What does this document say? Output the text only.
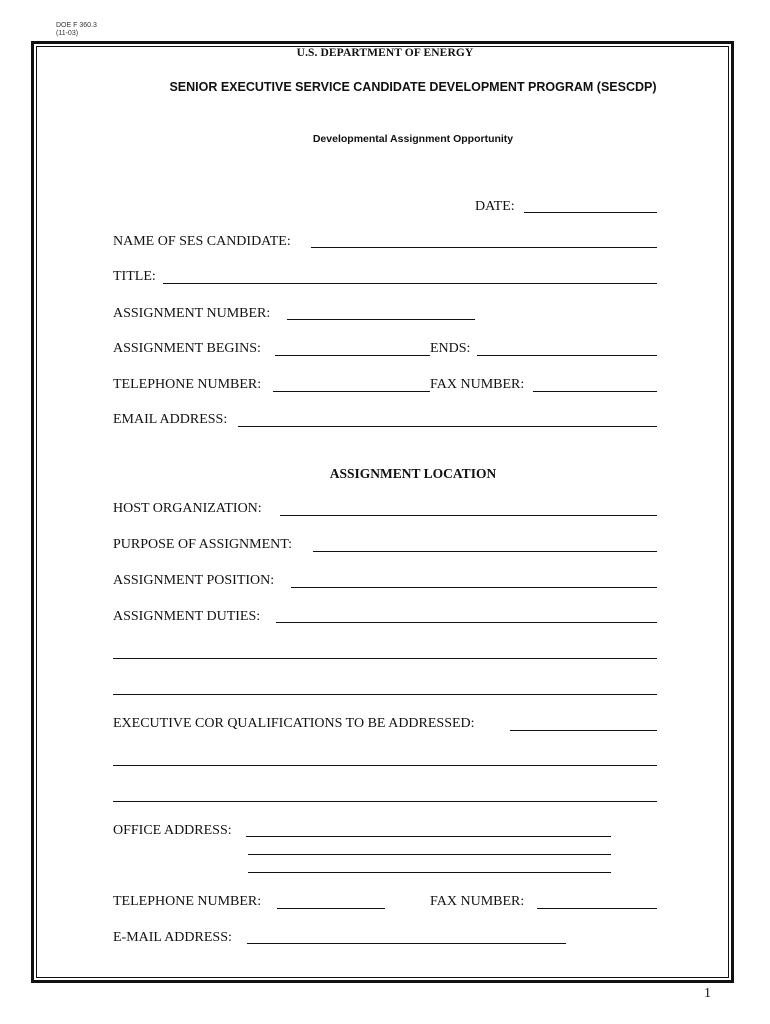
DOE F 360.3
(11-03)
U.S. DEPARTMENT OF ENERGY
SENIOR EXECUTIVE SERVICE CANDIDATE DEVELOPMENT PROGRAM (SESCDP)
Developmental Assignment Opportunity
DATE:
NAME OF SES CANDIDATE:
TITLE:
ASSIGNMENT NUMBER:
ASSIGNMENT BEGINS:	ENDS:
TELEPHONE NUMBER:	FAX NUMBER:
EMAIL ADDRESS:
ASSIGNMENT LOCATION
HOST ORGANIZATION:
PURPOSE OF ASSIGNMENT:
ASSIGNMENT POSITION:
ASSIGNMENT DUTIES:
EXECUTIVE COR QUALIFICATIONS TO BE ADDRESSED:
OFFICE ADDRESS:
TELEPHONE NUMBER:	FAX NUMBER:
E-MAIL ADDRESS:
1
